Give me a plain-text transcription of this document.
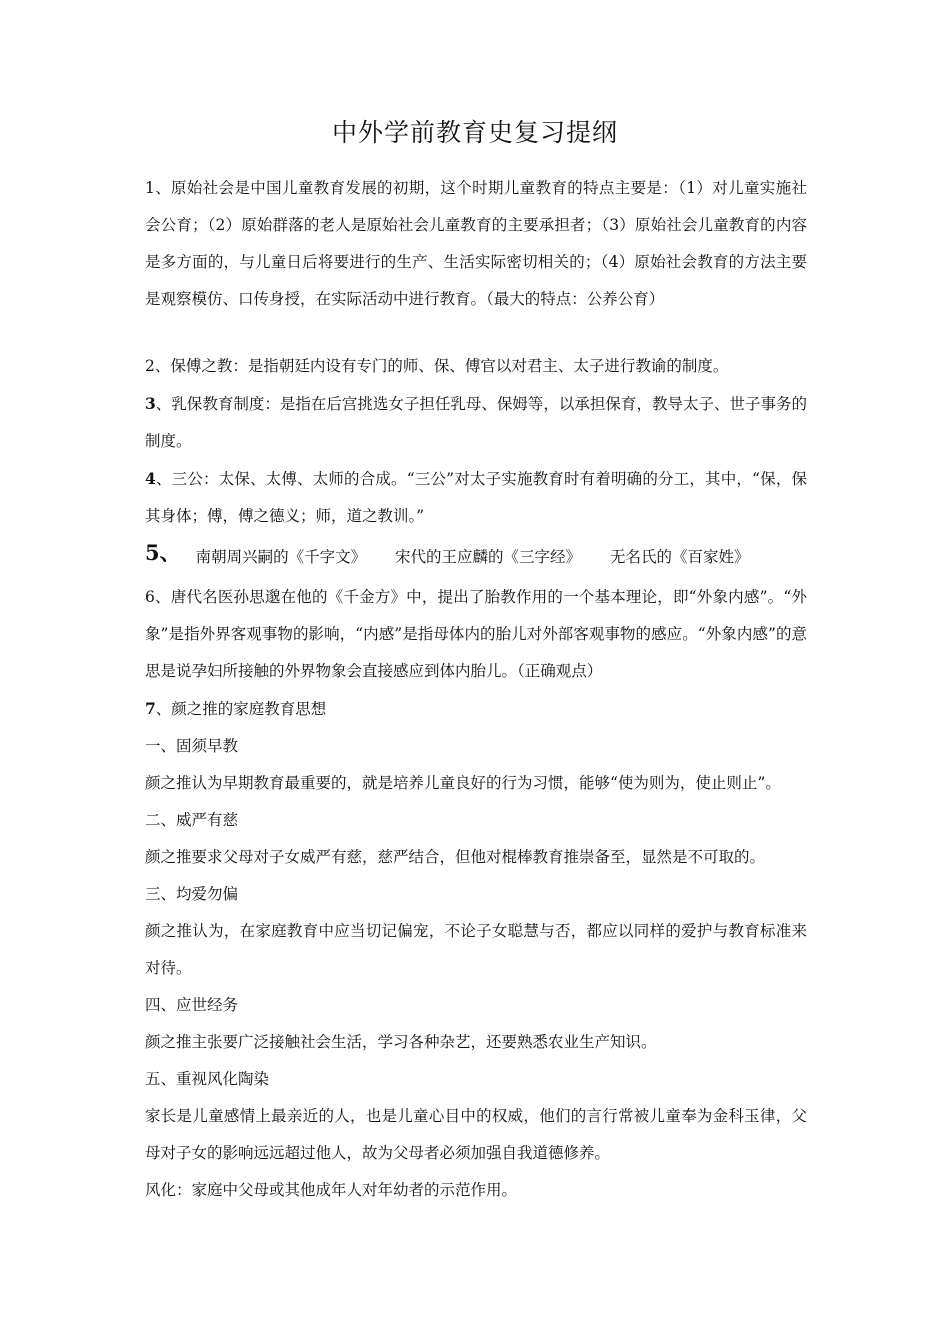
中外学前教育史复习提纲

1、原始社会是中国儿童教育发展的初期，这个时期儿童教育的特点主要是：（1）对儿童实施社会公育；（2）原始群落的老人是原始社会儿童教育的主要承担者；（3）原始社会儿童教育的内容是多方面的，与儿童日后将要进行的生产、生活实际密切相关的；（4）原始社会教育的方法主要是观察模仿、口传身授，在实际活动中进行教育。（最大的特点：公养公育）

2、保傅之教：是指朝廷内设有专门的师、保、傅官以对君主、太子进行教谕的制度。

3、乳保教育制度：是指在后宫挑选女子担任乳母、保姆等，以承担保育，教导太子、世子事务的制度。

4、三公：太保、太傅、太师的合成。“三公”对太子实施教育时有着明确的分工，其中，“保，保其身体；傅，傅之德义；师，道之教训。”

5、 南朝周兴嗣的《千字文》 宋代的王应麟的《三字经》 无名氏的《百家姓》

6、唐代名医孙思邈在他的《千金方》中，提出了胎教作用的一个基本理论，即“外象内感”。“外象”是指外界客观事物的影响，“内感”是指母体内的胎儿对外部客观事物的感应。“外象内感”的意思是说孕妇所接触的外界物象会直接感应到体内胎儿。（正确观点）

7、颜之推的家庭教育思想

一、固须早教

颜之推认为早期教育最重要的，就是培养儿童良好的行为习惯，能够“使为则为，使止则止”。

二、威严有慈

颜之推要求父母对子女威严有慈，慈严结合，但他对棍棒教育推崇备至，显然是不可取的。

三、均爱勿偏

颜之推认为，在家庭教育中应当切记偏宠，不论子女聪慧与否，都应以同样的爱护与教育标准来对待。

四、应世经务

颜之推主张要广泛接触社会生活，学习各种杂艺，还要熟悉农业生产知识。

五、重视风化陶染

家长是儿童感情上最亲近的人，也是儿童心目中的权威，他们的言行常被儿童奉为金科玉律，父母对子女的影响远远超过他人，故为父母者必须加强自我道德修养。

风化：家庭中父母或其他成年人对年幼者的示范作用。
